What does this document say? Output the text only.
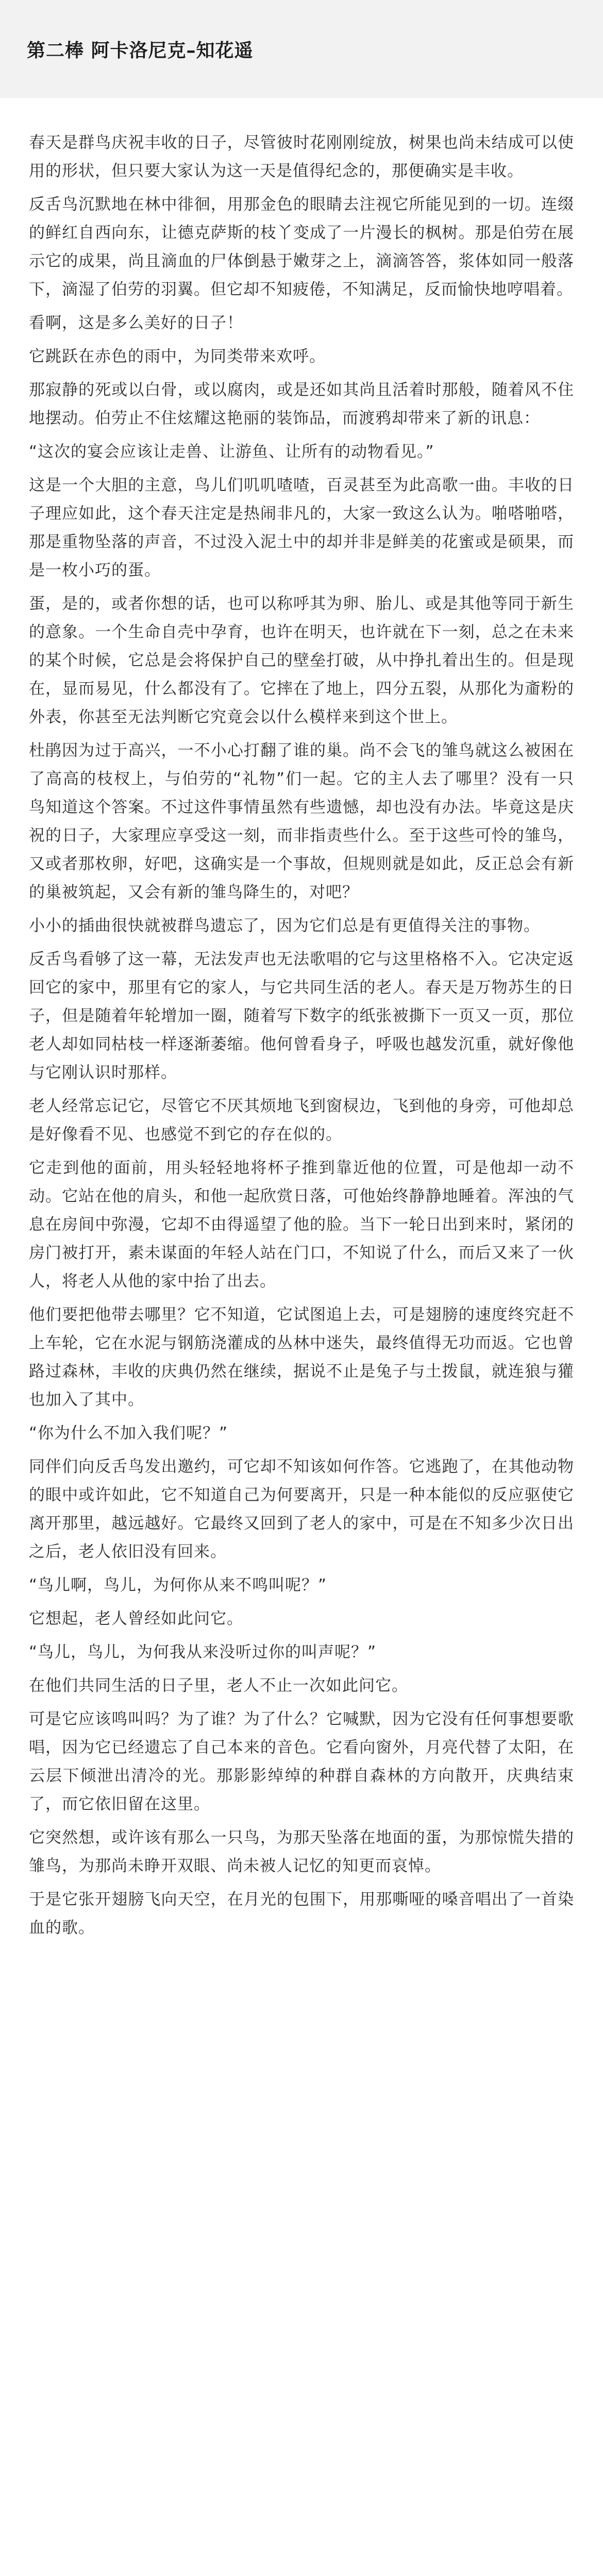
第二棒 阿卡洛尼克–知花遥

春天是群鸟庆祝丰收的日子，尽管彼时花刚刚绽放，树果也尚未结成可以使用的形状，但只要大家认为这一天是值得纪念的，那便确实是丰收。

反舌鸟沉默地在林中徘徊，用那金色的眼睛去注视它所能见到的一切。连缀的鲜红自西向东，让德克萨斯的枝丫变成了一片漫长的枫树。那是伯劳在展示它的成果，尚且滴血的尸体倒悬于嫩芽之上，滴滴答答，浆体如同一般落下，滴湿了伯劳的羽翼。但它却不知疲倦，不知满足，反而愉快地哼唱着。

看啊，这是多么美好的日子！

它跳跃在赤色的雨中，为同类带来欢呼。

那寂静的死或以白骨，或以腐肉，或是还如其尚且活着时那般，随着风不住地摆动。伯劳止不住炫耀这艳丽的装饰品，而渡鸦却带来了新的讯息：

“这次的宴会应该让走兽、让游鱼、让所有的动物看见。”

这是一个大胆的主意，鸟儿们叽叽喳喳，百灵甚至为此高歌一曲。丰收的日子理应如此，这个春天注定是热闹非凡的，大家一致这么认为。啪嗒啪嗒，那是重物坠落的声音，不过没入泥土中的却并非是鲜美的花蜜或是硕果，而是一枚小巧的蛋。

蛋，是的，或者你想的话，也可以称呼其为卵、胎儿、或是其他等同于新生的意象。一个生命自壳中孕育，也许在明天，也许就在下一刻，总之在未来的某个时候，它总是会将保护自己的壁垒打破，从中挣扎着出生的。但是现在，显而易见，什么都没有了。它摔在了地上，四分五裂，从那化为齑粉的外表，你甚至无法判断它究竟会以什么模样来到这个世上。

杜鹃因为过于高兴，一不小心打翻了谁的巢。尚不会飞的雏鸟就这么被困在了高高的枝杈上，与伯劳的“礼物”们一起。它的主人去了哪里？没有一只鸟知道这个答案。不过这件事情虽然有些遗憾，却也没有办法。毕竟这是庆祝的日子，大家理应享受这一刻，而非指责些什么。至于这些可怜的雏鸟，又或者那枚卵，好吧，这确实是一个事故，但规则就是如此，反正总会有新的巢被筑起，又会有新的雏鸟降生的，对吧？

小小的插曲很快就被群鸟遗忘了，因为它们总是有更值得关注的事物。

反舌鸟看够了这一幕，无法发声也无法歌唱的它与这里格格不入。它决定返回它的家中，那里有它的家人，与它共同生活的老人。春天是万物苏生的日子，但是随着年轮增加一圈，随着写下数字的纸张被撕下一页又一页，那位老人却如同枯枝一样逐渐萎缩。他何曾看身子，呼吸也越发沉重，就好像他与它刚认识时那样。

老人经常忘记它，尽管它不厌其烦地飞到窗棂边，飞到他的身旁，可他却总是好像看不见、也感觉不到它的存在似的。

它走到他的面前，用头轻轻地将杯子推到靠近他的位置，可是他却一动不动。它站在他的肩头，和他一起欣赏日落，可他始终静静地睡着。浑浊的气息在房间中弥漫，它却不由得遥望了他的脸。当下一轮日出到来时，紧闭的房门被打开，素未谋面的年轻人站在门口，不知说了什么，而后又来了一伙人，将老人从他的家中抬了出去。

他们要把他带去哪里？它不知道，它试图追上去，可是翅膀的速度终究赶不上车轮，它在水泥与钢筋浇灌成的丛林中迷失，最终值得无功而返。它也曾路过森林，丰收的庆典仍然在继续，据说不止是兔子与土拨鼠，就连狼与獾也加入了其中。

“你为什么不加入我们呢？”

同伴们向反舌鸟发出邀约，可它却不知该如何作答。它逃跑了，在其他动物的眼中或许如此，它不知道自己为何要离开，只是一种本能似的反应驱使它离开那里，越远越好。它最终又回到了老人的家中，可是在不知多少次日出之后，老人依旧没有回来。

“鸟儿啊，鸟儿，为何你从来不鸣叫呢？”

它想起，老人曾经如此问它。

“鸟儿，鸟儿，为何我从来没听过你的叫声呢？”

在他们共同生活的日子里，老人不止一次如此问它。

可是它应该鸣叫吗？为了谁？为了什么？它喊默，因为它没有任何事想要歌唱，因为它已经遗忘了自己本来的音色。它看向窗外，月亮代替了太阳，在云层下倾泄出清冷的光。那影影绰绰的种群自森林的方向散开，庆典结束了，而它依旧留在这里。

它突然想，或许该有那么一只鸟，为那天坠落在地面的蛋，为那惊慌失措的雏鸟，为那尚未睁开双眼、尚未被人记忆的知更而哀悼。

于是它张开翅膀飞向天空，在月光的包围下，用那嘶哑的嗓音唱出了一首染血的歌。
